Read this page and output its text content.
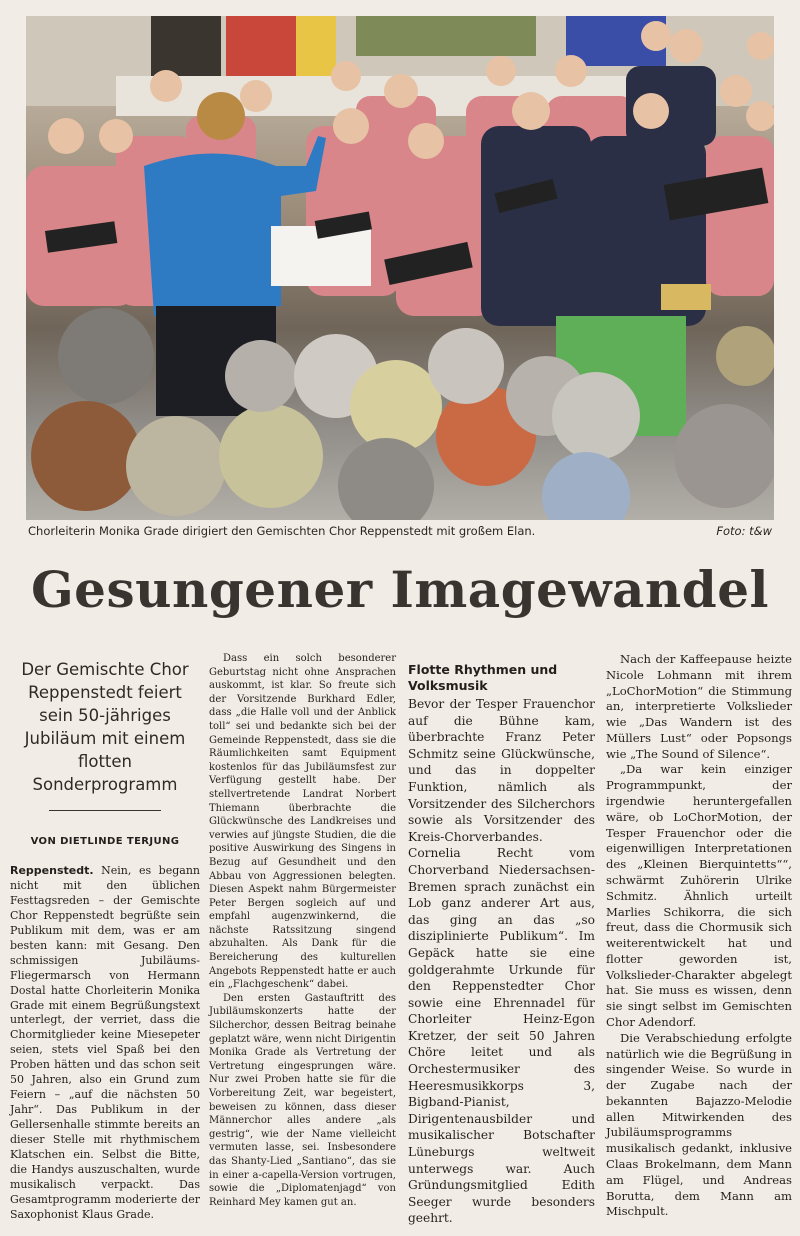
Chorleiterin Monika Grade dirigiert den Gemischten Chor Reppenstedt mit großem Elan.	Foto: t&w
Gesungener Imagewandel
Der Gemischte Chor Reppenstedt feiert sein 50-jähriges Jubiläum mit einem flotten Sonderprogramm
VON DIETLINDE TERJUNG

Reppenstedt. Nein, es begann nicht mit den üblichen Festtagsreden – der Gemischte Chor Reppenstedt begrüßte sein Publikum mit dem, was er am besten kann: mit Gesang. Den schmissigen Jubiläums-Fliegermarsch von Hermann Dostal hatte Chorleiterin Monika Grade mit einem Begrüßungstext unterlegt, der verriet, dass die Chormitglieder keine Miesepeter seien, stets viel Spaß bei den Proben hätten und das schon seit 50 Jahren, also ein Grund zum Feiern – „auf die nächsten 50 Jahr“. Das Publikum in der Gellersenhalle stimmte bereits an dieser Stelle mit rhythmischem Klatschen ein. Selbst die Bitte, die Handys auszuschalten, wurde musikalisch verpackt. Das Gesamtprogramm moderierte der Saxophonist Klaus Grade.

Dass ein solch besonderer Geburtstag nicht ohne Ansprachen auskommt, ist klar. So freute sich der Vorsitzende Burkhard Edler, dass „die Halle voll und der Anblick toll“ sei und bedankte sich bei der Gemeinde Reppenstedt, dass sie die Räumlichkeiten samt Equipment kostenlos für das Jubiläumsfest zur Verfügung gestellt habe. Der stellvertretende Landrat Norbert Thiemann überbrachte die Glückwünsche des Landkreises und verwies auf jüngste Studien, die die positive Auswirkung des Singens in Bezug auf Gesundheit und den Abbau von Aggressionen belegten. Diesen Aspekt nahm Bürgermeister Peter Bergen sogleich auf und empfahl augenzwinkernd, die nächste Ratssitzung singend abzuhalten. Als Dank für die Bereicherung des kulturellen Angebots Reppenstedt hatte er auch ein „Flachgeschenk“ dabei.

Den ersten Gastauftritt des Jubiläumskonzerts hatte der Silcherchor, dessen Beitrag beinahe geplatzt wäre, wenn nicht Dirigentin Monika Grade als Vertretung der Vertretung eingesprungen wäre. Nur zwei Proben hatte sie für die Vorbereitung Zeit, war begeistert, beweisen zu können, dass dieser Männerchor alles andere „als gestrig“, wie der Name vielleicht vermuten lasse, sei. Insbesondere das Shanty-Lied „Santiano“, das sie in einer a-capella-Version vortrugen, sowie die „Diplomatenjagd“ von Reinhard Mey kamen gut an.

Flotte Rhythmen und Volksmusik

Bevor der Tesper Frauenchor auf die Bühne kam, überbrachte Franz Peter Schmitz seine Glückwünsche, und das in doppelter Funktion, nämlich als Vorsitzender des Silcherchors sowie als Vorsitzender des Kreis-Chorverbandes. Cornelia Recht vom Chorverband Niedersachsen-Bremen sprach zunächst ein Lob ganz anderer Art aus, das ging an das „so disziplinierte Publikum“. Im Gepäck hatte sie eine goldgerahmte Urkunde für den Reppenstedter Chor sowie eine Ehrennadel für Chorleiter Heinz-Egon Kretzer, der seit 50 Jahren Chöre leitet und als Orchestermusiker des Heeresmusikkorps 3, Bigband-Pianist, Dirigentenausbilder und musikalischer Botschafter Lüneburgs weltweit unterwegs war. Auch Gründungsmitglied Edith Seeger wurde besonders geehrt.

Nach der Kaffeepause heizte Nicole Lohmann mit ihrem „LoChorMotion“ die Stimmung an, interpretierte Volkslieder wie „Das Wandern ist des Müllers Lust“ oder Popsongs wie „The Sound of Silence“.

„Da war kein einziger Programmpunkt, der irgendwie heruntergefallen wäre, ob LoChorMotion, der Tesper Frauenchor oder die eigenwilligen Interpretationen des „Kleinen Bierquintetts““, schwärmt Zuhörerin Ulrike Schmitz. Ähnlich urteilt Marlies Schikorra, die sich freut, dass die Chormusik sich weiterentwickelt hat und flotter geworden ist, Volkslieder-Charakter abgelegt hat. Sie muss es wissen, denn sie singt selbst im Gemischten Chor Adendorf.

Die Verabschiedung erfolgte natürlich wie die Begrüßung in singender Weise. So wurde in der Zugabe nach der bekannten Bajazzo-Melodie allen Mitwirkenden des Jubiläumsprogramms musikalisch gedankt, inklusive Claas Brokelmann, dem Mann am Flügel, und Andreas Borutta, dem Mann am Mischpult.
